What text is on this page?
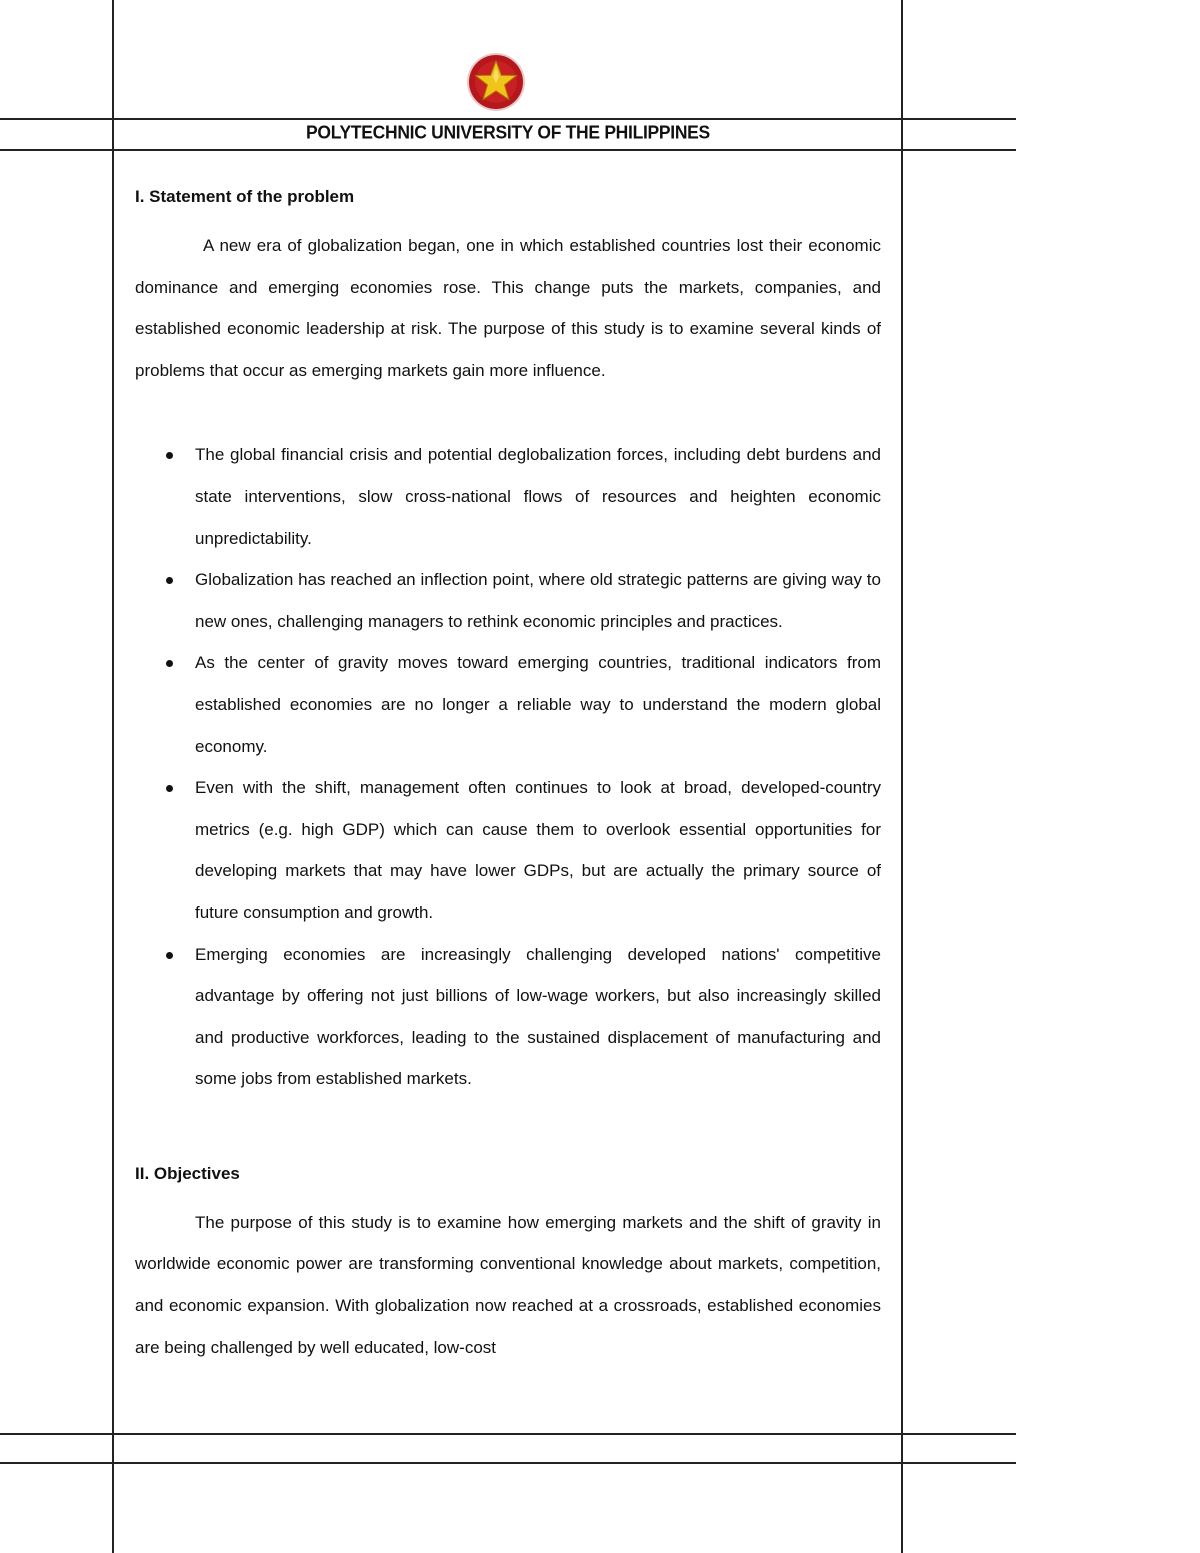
POLYTECHNIC UNIVERSITY OF THE PHILIPPINES

I. Statement of the problem

A new era of globalization began, one in which established countries lost their economic dominance and emerging economies rose. This change puts the markets, companies, and established economic leadership at risk. The purpose of this study is to examine several kinds of problems that occur as emerging markets gain more influence.

The global financial crisis and potential deglobalization forces, including debt burdens and state interventions, slow cross-national flows of resources and heighten economic unpredictability.
Globalization has reached an inflection point, where old strategic patterns are giving way to new ones, challenging managers to rethink economic principles and practices.
As the center of gravity moves toward emerging countries, traditional indicators from established economies are no longer a reliable way to understand the modern global economy.
Even with the shift, management often continues to look at broad, developed-country metrics (e.g. high GDP) which can cause them to overlook essential opportunities for developing markets that may have lower GDPs, but are actually the primary source of future consumption and growth.
Emerging economies are increasingly challenging developed nations' competitive advantage by offering not just billions of low-wage workers, but also increasingly skilled and productive workforces, leading to the sustained displacement of manufacturing and some jobs from established markets.

II. Objectives

The purpose of this study is to examine how emerging markets and the shift of gravity in worldwide economic power are transforming conventional knowledge about markets, competition, and economic expansion. With globalization now reached at a crossroads, established economies are being challenged by well educated, low-cost
